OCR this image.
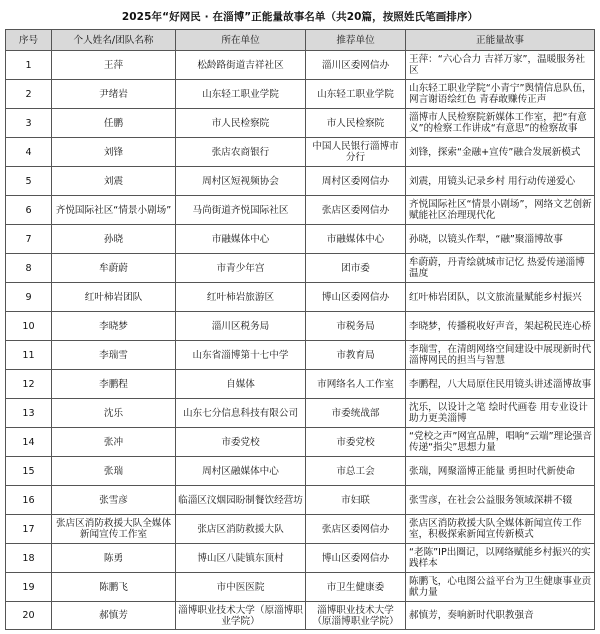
2025年“好网民 · 在淄博”正能量故事名单（共20篇，按照姓氏笔画排序）
序号	个人姓名/团队名称	所在单位	推荐单位	正能量故事
1	王萍	松龄路街道吉祥社区	淄川区委网信办	王萍：“六心合力 吉祥万家”，温暖服务社区
2	尹绪岩	山东轻工职业学院	山东轻工职业学院	山东轻工职业学院“小青宁”舆情信息队伍，网言谢语绘红色 青春敢赚传正声
3	任鹏	市人民检察院	市人民检察院	淄博市人民检察院新媒体工作室，把“有意义”的检察工作讲成“有意思”的检察故事
4	刘锋	张店农商银行	中国人民银行淄博市分行	刘锋，探索“金融+宣传”融合发展新模式
5	刘震	周村区短视频协会	周村区委网信办	刘震，用镜头记录乡村 用行动传递爱心
6	齐悦国际社区“情景小剧场”	马尚街道齐悦国际社区	张店区委网信办	齐悦国际社区“情景小剧场”，网络文艺创新赋能社区治理现代化
7	孙晓	市融媒体中心	市融媒体中心	孙晓，以镜头作犁，“融”聚淄博故事
8	牟蔚蔚	市青少年宫	团市委	牟蔚蔚，丹青绘就城市记忆 热爱传递淄博温度
9	红叶柿岩团队	红叶柿岩旅游区	博山区委网信办	红叶柿岩团队，以文旅流量赋能乡村振兴
10	李晓梦	淄川区税务局	市税务局	李晓梦，传播税收好声音，架起税民连心桥
11	李瑞雪	山东省淄博第十七中学	市教育局	李瑞雪，在清朗网络空间建设中展现新时代淄博网民的担当与智慧
12	李鹏程	自媒体	市网络名人工作室	李鹏程，八大局原住民用镜头讲述淄博故事
13	沈乐	山东七分信息科技有限公司	市委统战部	沈乐，以设计之笔 绘时代画卷 用专业设计助力更美淄博
14	张冲	市委党校	市委党校	“党校之声”网宣品牌，唱响“云端”理论强音 传递“指尖”思想力量
15	张瑞	周村区融媒体中心	市总工会	张瑞，网聚淄博正能量 勇担时代新使命
16	张雪彦	临淄区汶烟园盼制餐饮经营坊	市妇联	张雪彦，在社会公益服务领域深耕不辍
17	张店区消防救援大队全媒体新闻宣传工作室	张店区消防救援大队	张店区委网信办	张店区消防救援大队全媒体新闻宣传工作室，积极探索新闻宣传新模式
18	陈勇	博山区八陡镇东顶村	博山区委网信办	“老陈”IP出圈记，以网络赋能乡村振兴的实践样本
19	陈鹏飞	市中医医院	市卫生健康委	陈鹏飞，心电图公益平台为卫生健康事业贡献力量
20	郝慎芳	淄博职业技术大学（原淄博职业学院）	淄博职业技术大学（原淄博职业学院）	郝慎芳，奏响新时代职教强音
